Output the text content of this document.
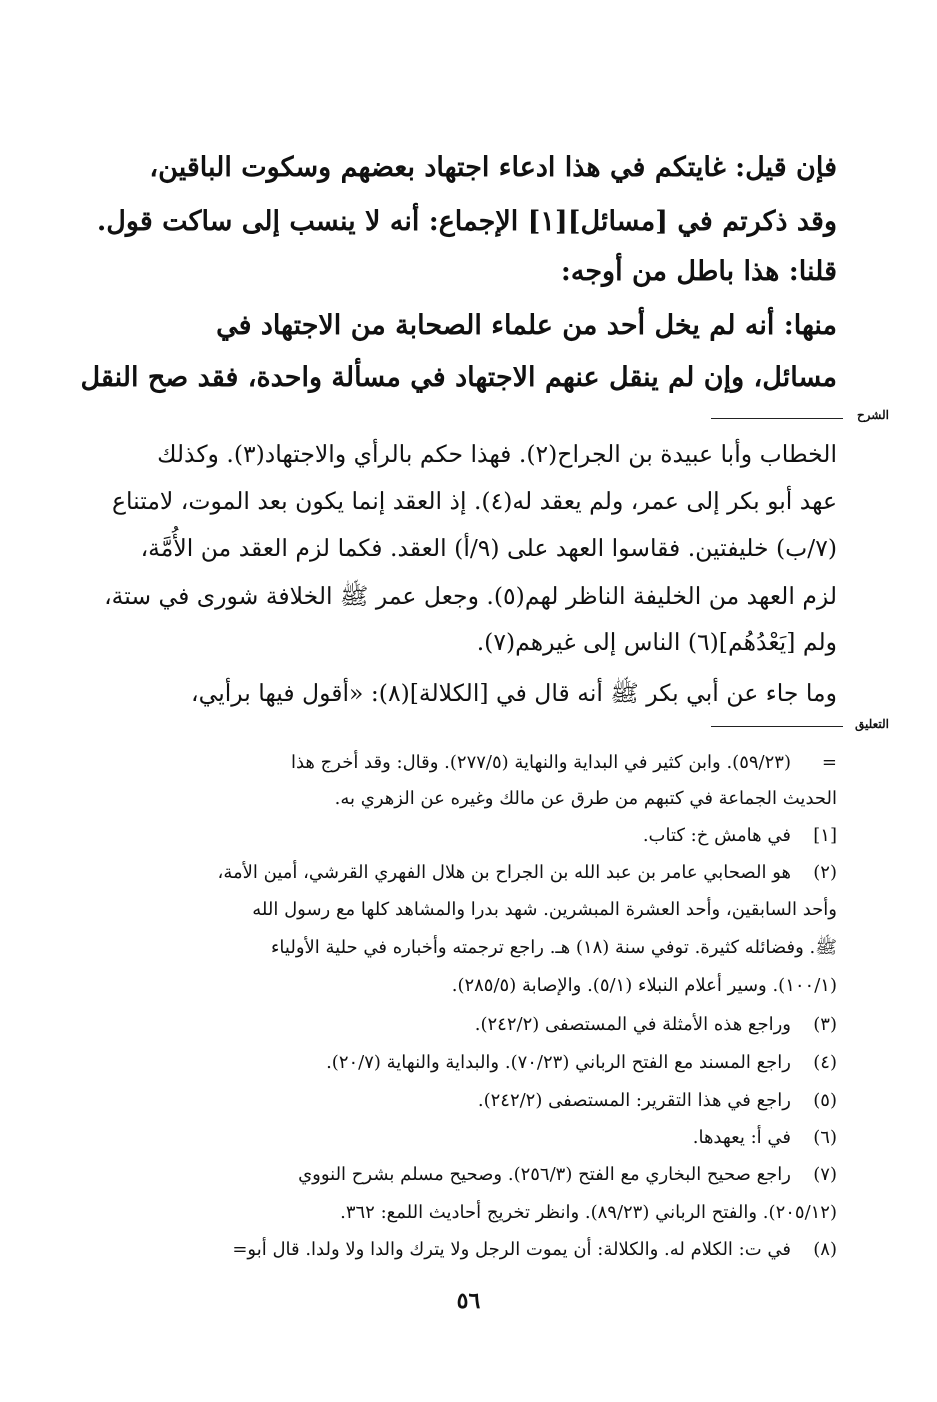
فإن قيل: غايتكم في هذا ادعاء اجتهاد بعضهم وسكوت الباقين،
وقد ذكرتم في [مسائل][١] الإجماع: أنه لا ينسب إلى ساكت قول.
قلنا: هذا باطل من أوجه:
منها: أنه لم يخل أحد من علماء الصحابة من الاجتهاد في
مسائل، وإن لم ينقل عنهم الاجتهاد في مسألة واحدة، فقد صح النقل
الشرح
الخطاب وأبا عبيدة بن الجراح(٢). فهذا حكم بالرأي والاجتهاد(٣). وكذلك
عهد أبو بكر إلى عمر، ولم يعقد له(٤). إذ العقد إنما يكون بعد الموت، لامتناع
(٧/ب) خليفتين. فقاسوا العهد على (٩/أ) العقد. فكما لزم العقد من الأُمَّة،
لزم العهد من الخليفة الناظر لهم(٥). وجعل عمر ﷺ الخلافة شورى في ستة،
ولم [يَعْدُهُم](٦) الناس إلى غيرهم(٧).
وما جاء عن أبي بكر ﷺ أنه قال في [الكلالة](٨): «أقول فيها برأيي،
التعليق
=(٥٩/٢٣). وابن كثير في البداية والنهاية (٢٧٧/٥). وقال: وقد أخرج هذا
الحديث الجماعة في كتبهم من طرق عن مالك وغيره عن الزهري به.
[١]في هامش خ: كتاب.
(٢)هو الصحابي عامر بن عبد الله بن الجراح بن هلال الفهري القرشي، أمين الأمة،
وأحد السابقين، وأحد العشرة المبشرين. شهد بدرا والمشاهد كلها مع رسول الله
ﷺ. وفضائله كثيرة. توفي سنة (١٨) هـ. راجع ترجمته وأخباره في حلية الأولياء
(١٠٠/١). وسير أعلام النبلاء (٥/١). والإصابة (٢٨٥/٥).
(٣)وراجع هذه الأمثلة في المستصفى (٢٤٢/٢).
(٤)راجع المسند مع الفتح الرباني (٧٠/٢٣). والبداية والنهاية (٢٠/٧).
(٥)راجع في هذا التقرير: المستصفى (٢٤٢/٢).
(٦)في أ: يعهدها.
(٧)راجع صحيح البخاري مع الفتح (٢٥٦/٣). وصحيح مسلم بشرح النووي
(٢٠٥/١٢). والفتح الرباني (٨٩/٢٣). وانظر تخريج أحاديث اللمع: ٣٦٢.
(٨)في ت: الكلام له. والكلالة: أن يموت الرجل ولا يترك والدا ولا ولدا. قال أبو=
٥٦
